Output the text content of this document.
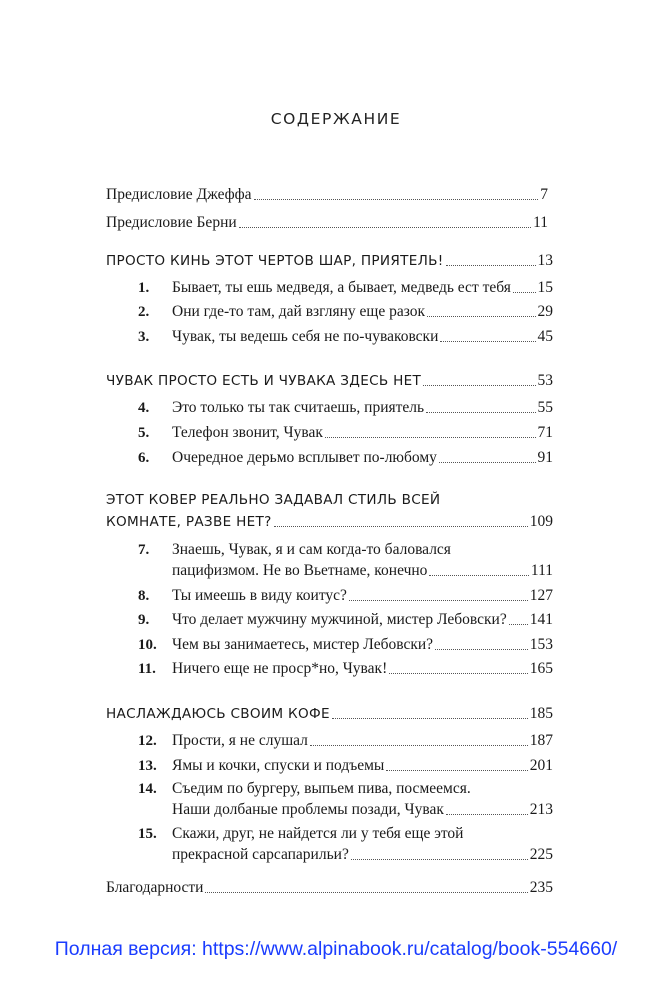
СОДЕРЖАНИЕ
Предисловие Джеффа	7
Предисловие Берни	11
ПРОСТО КИНЬ ЭТОТ ЧЕРТОВ ШАР, ПРИЯТЕЛЬ!	13
1.	Бывает, ты ешь медведя, а бывает, медведь ест тебя 15
2.	Они где-то там, дай взгляну еще разок	29
3.	Чувак, ты ведешь себя не по-чуваковски	45
ЧУВАК ПРОСТО ЕСТЬ И ЧУВАКА ЗДЕСЬ НЕТ	53
4.	Это только ты так считаешь, приятель	55
5.	Телефон звонит, Чувак	71
6.	Очередное дерьмо всплывет по-любому	91
ЭТОТ КОВЕР РЕАЛЬНО ЗАДАВАЛ СТИЛЬ ВСЕЙ
КОМНАТЕ, РАЗВЕ НЕТ?	109
7. Знаешь, Чувак, я и сам когда-то баловался
пацифизмом. Не во Вьетнаме, конечно	111
8.	Ты имеешь в виду коитус?	127
9.	Что делает мужчину мужчиной, мистер Лебовски? 141
10. Чем вы занимаетесь, мистер Лебовски?	153
11.	Ничего еще не проср*но, Чувак!	165
НАСЛАЖДАЮСЬ СВОИМ КОФЕ	185
12. Прости, я не слушал	187
13. Ямы и кочки, спуски и подъемы	201
14. Съедим по бургеру, выпьем пива, посмеемся.
Наши долбаные проблемы позади, Чувак	213
15. Скажи, друг, не найдется ли у тебя еще этой
прекрасной сарсапарильи?	225
Благодарности	235
Полная версия: https://www.alpinabook.ru/catalog/book-554660/
